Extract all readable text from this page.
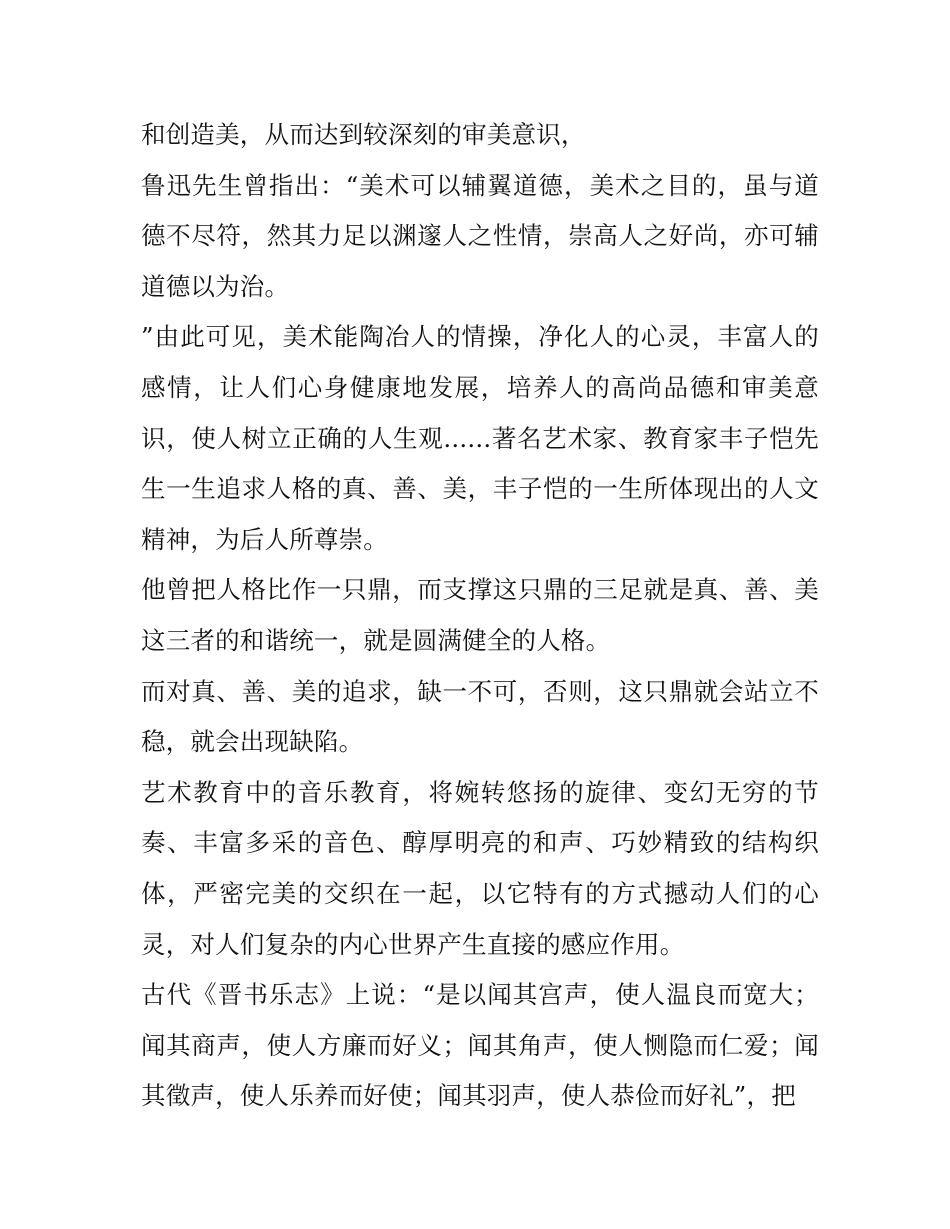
和创造美，从而达到较深刻的审美意识，

鲁迅先生曾指出：“美术可以辅翼道德，美术之目的，虽与道德不尽符，然其力足以渊邃人之性情，崇高人之好尚，亦可辅道德以为治。

”由此可见，美术能陶冶人的情操，净化人的心灵，丰富人的感情，让人们心身健康地发展，培养人的高尚品德和审美意识，使人树立正确的人生观......著名艺术家、教育家丰子恺先生一生追求人格的真、善、美，丰子恺的一生所体现出的人文精神，为后人所尊崇。

他曾把人格比作一只鼎，而支撑这只鼎的三足就是真、善、美这三者的和谐统一，就是圆满健全的人格。

而对真、善、美的追求，缺一不可，否则，这只鼎就会站立不稳，就会出现缺陷。

艺术教育中的音乐教育，将婉转悠扬的旋律、变幻无穷的节奏、丰富多采的音色、醇厚明亮的和声、巧妙精致的结构织体，严密完美的交织在一起，以它特有的方式撼动人们的心灵，对人们复杂的内心世界产生直接的感应作用。

古代《晋书乐志》上说：“是以闻其宫声，使人温良而宽大；闻其商声，使人方廉而好义；闻其角声，使人恻隐而仁爱；闻其徵声，使人乐养而好使；闻其羽声，使人恭俭而好礼”，把
